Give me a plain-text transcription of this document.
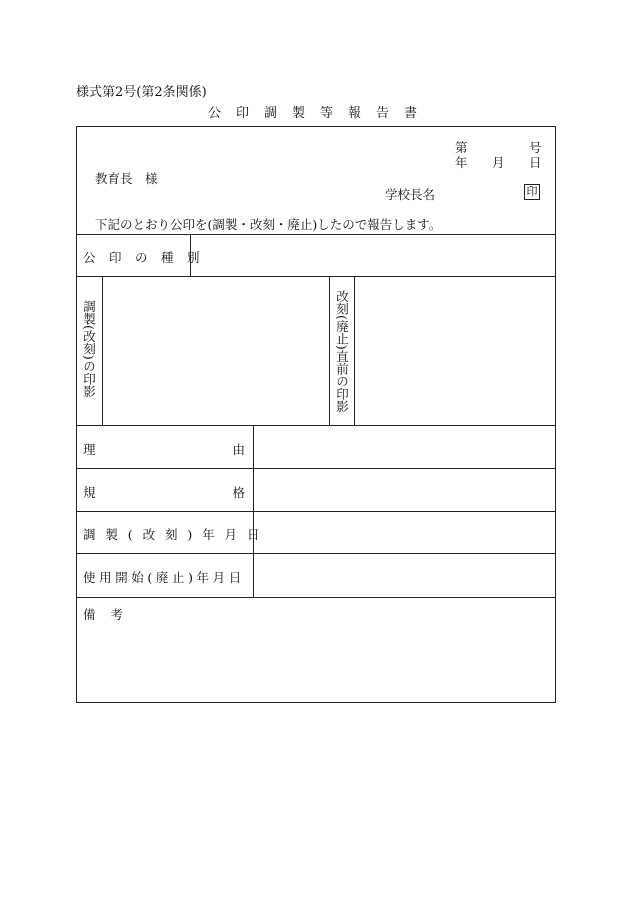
様式第2号(第2条関係)
公印調製等報告書
第	号
年 月 日
教育長　様
学校長名	印
下記のとおり公印を(調製・改刻・廃止)したので報告します。
公印の種別
調製(改刻)の印影	改刻(廃止)直前の印影
理由
規格
調製(改刻)年月日
使用開始(廃止)年月日
備考
